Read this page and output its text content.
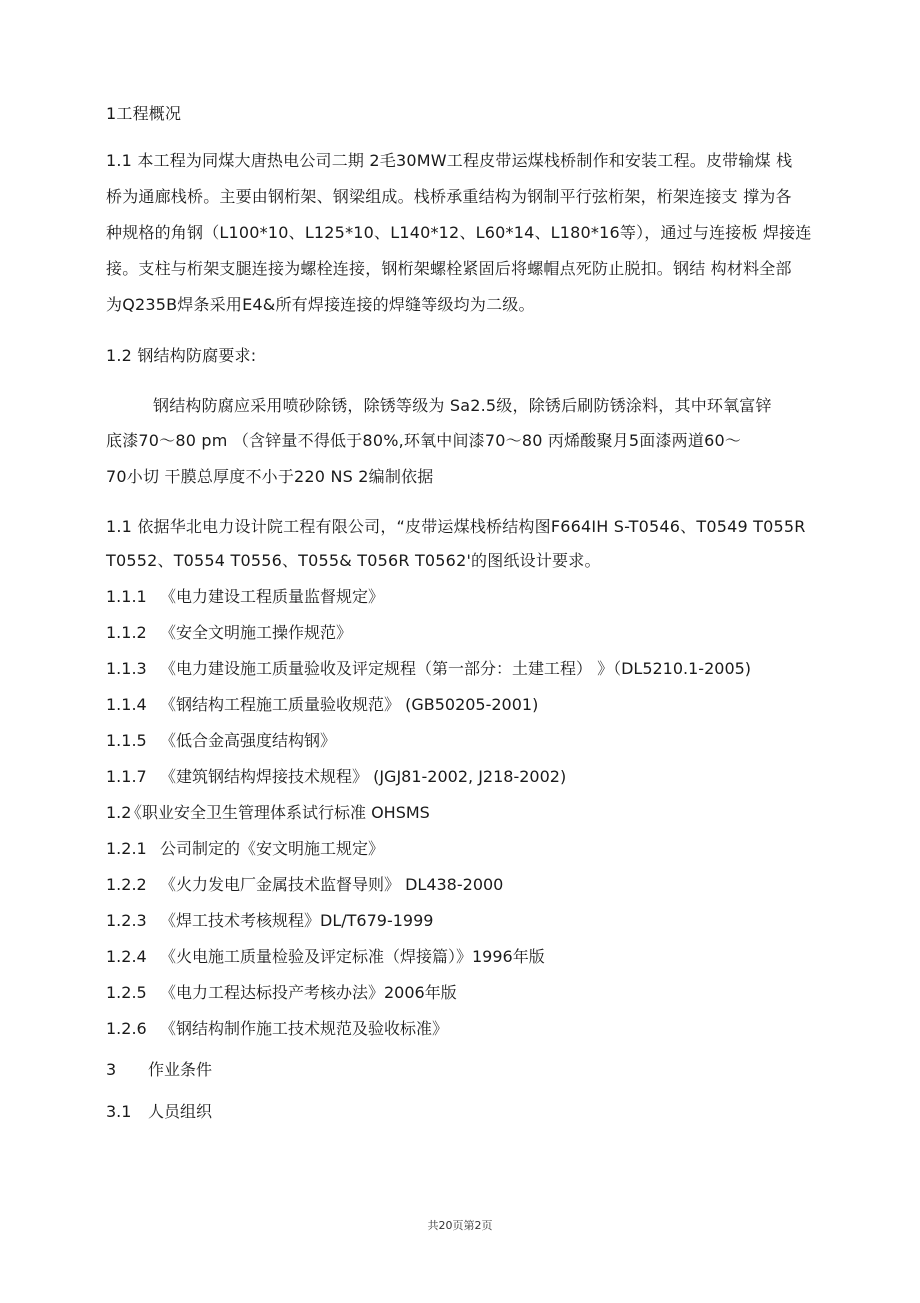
1工程概况
1.1 本工程为同煤大唐热电公司二期 2毛30MW工程皮带运煤栈桥制作和安装工程。皮带输煤 栈
桥为通廊栈桥。主要由钢桁架、钢梁组成。栈桥承重结构为钢制平行弦桁架，桁架连接支 撑为各
种规格的角钢（L100*10、L125*10、L140*12、L60*14、L180*16等），通过与连接板 焊接连
接。支柱与桁架支腿连接为螺栓连接，钢桁架螺栓紧固后将螺帽点死防止脱扣。钢结 构材料全部
为Q235B焊条采用E4&所有焊接连接的焊缝等级均为二级。
1.2 钢结构防腐要求:
钢结构防腐应采用喷砂除锈，除锈等级为 Sa2.5级，除锈后刷防锈涂料，其中环氧富锌
底漆70～80 pm （含锌量不得低于80%,环氧中间漆70～80 丙烯酸聚月5面漆两道60～
70小切 干膜总厚度不小于220 NS 2编制依据
1.1 依据华北电力设计院工程有限公司，“皮带运煤栈桥结构图F664IH S-T0546、T0549 T055R
T0552、T0554 T0556、T055& T056R T0562'的图纸设计要求。
1.1.1 《电力建设工程质量监督规定》
1.1.2 《安全文明施工操作规范》
1.1.3 《电力建设施工质量验收及评定规程（第一部分：土建工程） 》（DL5210.1-2005)
1.1.4 《钢结构工程施工质量验收规范》 (GB50205-2001)
1.1.5 《低合金高强度结构钢》
1.1.7 《建筑钢结构焊接技术规程》 (JGJ81-2002, J218-2002)
1.2《职业安全卫生管理体系试行标准 OHSMS
1.2.1 公司制定的《安文明施工规定》
1.2.2 《火力发电厂金属技术监督导则》 DL438-2000
1.2.3 《焊工技术考核规程》DL/T679-1999
1.2.4 《火电施工质量检验及评定标准（焊接篇）》1996年版
1.2.5 《电力工程达标投产考核办法》2006年版
1.2.6 《钢结构制作施工技术规范及验收标准》
3 作业条件
3.1 人员组织
共20页第2页
